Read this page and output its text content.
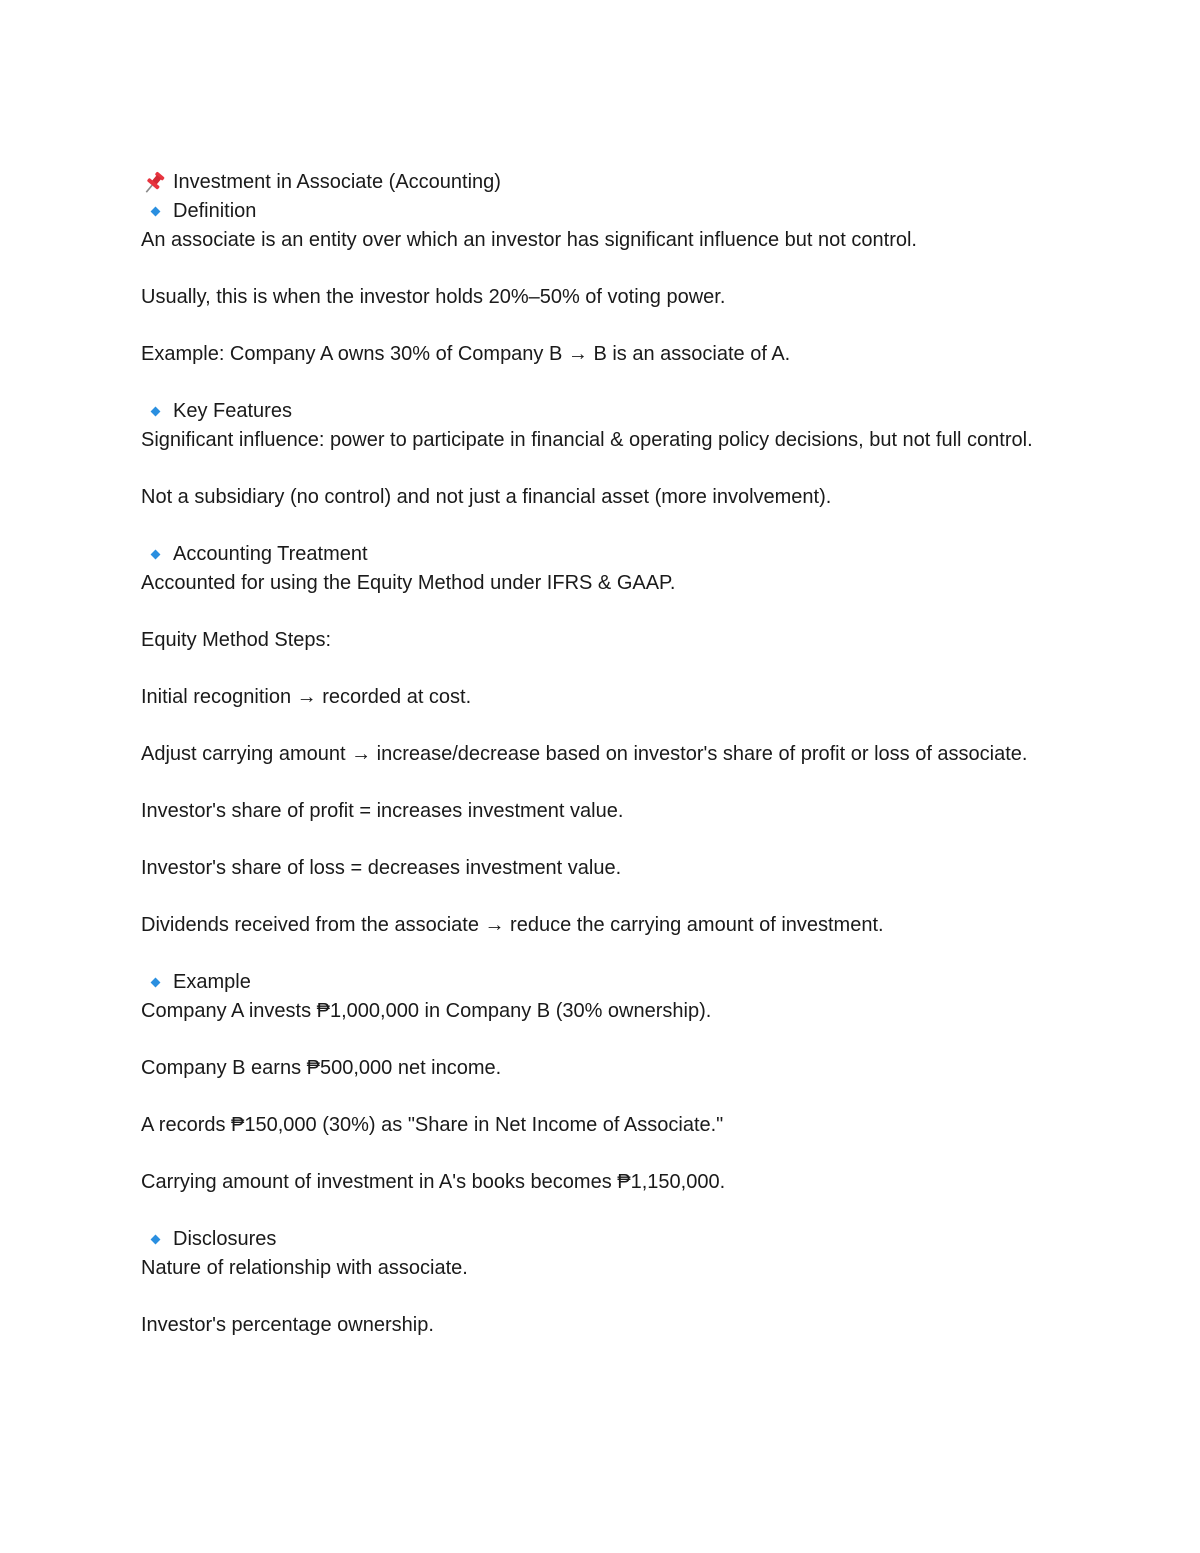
Investment in Associate (Accounting)
Definition
An associate is an entity over which an investor has significant influence but not control.
Usually, this is when the investor holds 20%–50% of voting power.
Example: Company A owns 30% of Company B → B is an associate of A.
Key Features
Significant influence: power to participate in financial & operating policy decisions, but not full control.
Not a subsidiary (no control) and not just a financial asset (more involvement).
Accounting Treatment
Accounted for using the Equity Method under IFRS & GAAP.
Equity Method Steps:
Initial recognition → recorded at cost.
Adjust carrying amount → increase/decrease based on investor's share of profit or loss of associate.
Investor's share of profit = increases investment value.
Investor's share of loss = decreases investment value.
Dividends received from the associate → reduce the carrying amount of investment.
Example
Company A invests ₱1,000,000 in Company B (30% ownership).
Company B earns ₱500,000 net income.
A records ₱150,000 (30%) as "Share in Net Income of Associate."
Carrying amount of investment in A's books becomes ₱1,150,000.
Disclosures
Nature of relationship with associate.
Investor's percentage ownership.
